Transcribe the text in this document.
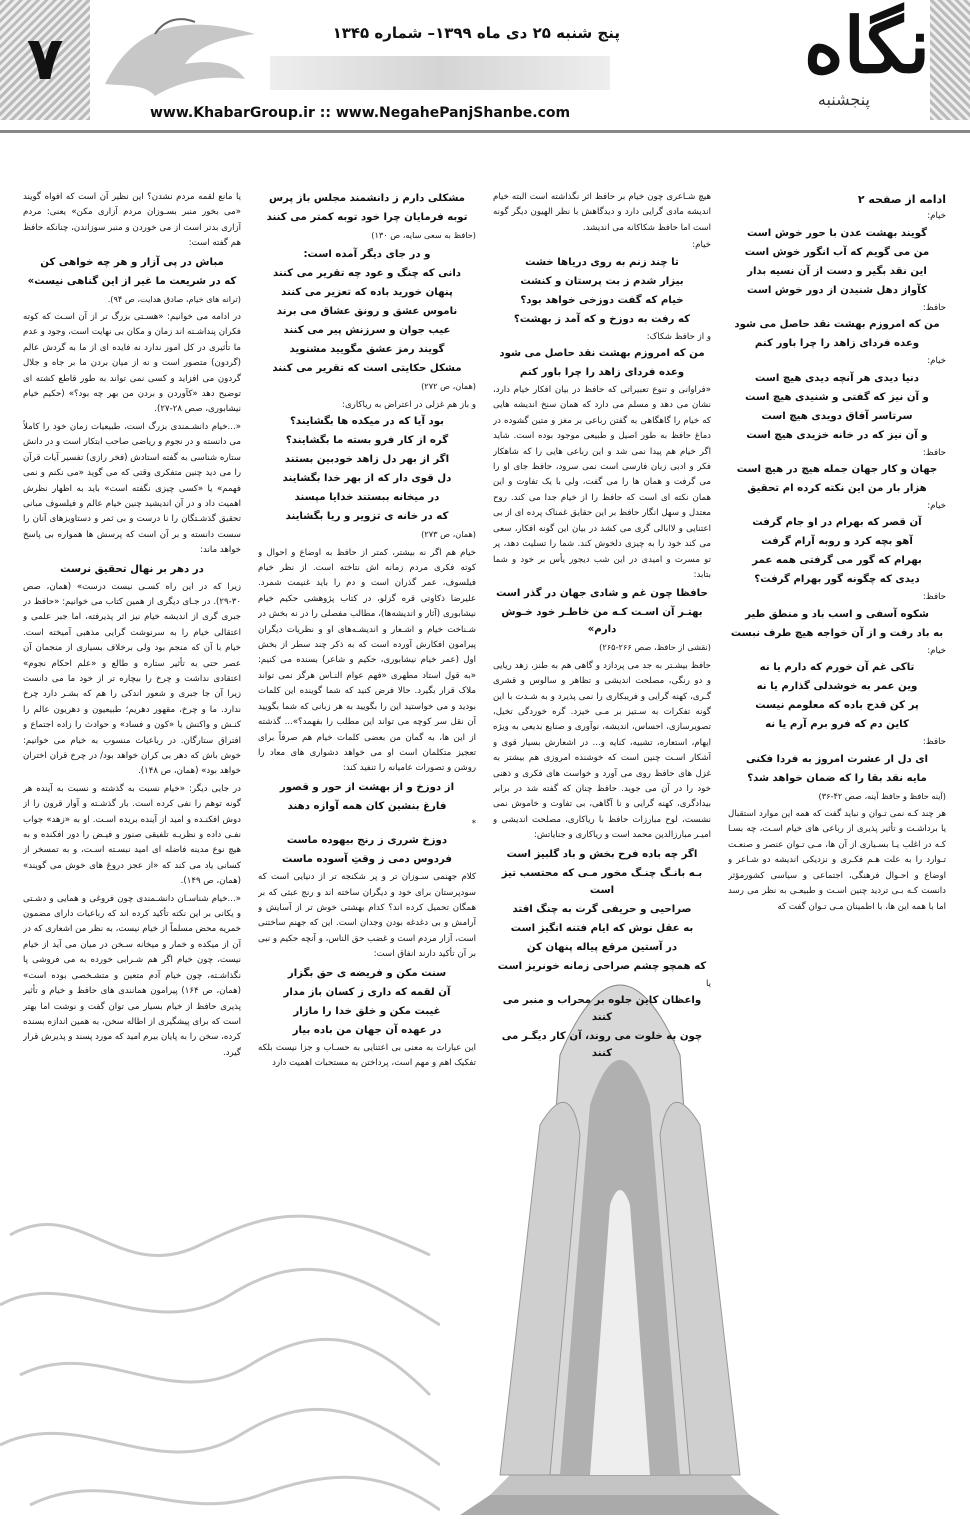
نگاه
پنجشنبه
پنج شنبه ۲۵ دی ماه ۱۳۹۹– شماره ۱۳۴۵
۷
www.KhabarGroup.ir :: www.NegahePanjShanbe.com
ادامه از صفحه ۲

خیام:

گویند بهشت عدن با حور خوش است

من می گویم که آب انگور خوش است

این نقد بگیر و دست از آن نسیه بدار

کآواز دهل شنیدن از دور خوش است

حافظ:

من که امروزم بهشت نقد حاصل می شود

وعده فردای زاهد را چرا باور کنم

خیام:

دنیا دیدی هر آنچه دیدی هیچ است

و آن نیز که گفتی و شنیدی هیچ است

سرتاسر آفاق دویدی هیچ است

و آن نیز که در خانه خزیدی هیچ است

حافظ:

جهان و کار جهان جمله هیچ در هیچ است

هزار بار من این نکته کرده ام تحقیق

خیام:

آن قصر که بهرام در او جام گرفت

آهو بچه کرد و روبه آرام گرفت

بهرام که گور می گرفتی همه عمر

دیدی که چگونه گور بهرام گرفت؟

حافظ:

شکوه آسفی و اسب باد و منطق طیر

به باد رفت و از آن خواجه هیچ طرف نبست

خیام:

تاکی غم آن خورم که دارم یا نه

وین عمر به خوشدلی گذارم یا نه

پر کن قدح باده که معلومم نیست

کاین دم که فرو برم آرم یا نه

حافظ:

ای دل ار عشرت امروز به فردا فکنی

مایه نقد بقا را که ضمان خواهد شد؟

(آینه حافظ و حافظ آینه، صص ۴۲-۳۶)

هر چند کـه نمی تـوان و نباید گفت که همه این موارد استقبال یا برداشـت و تأثیر پذیری از رباعی های خیام اسـت، چه بسـا کـه در اغلب یـا بسـیاری از آن ها، مـی تـوان عنصر و صنعـت تـوارد را به علت هـم فکـری و نزدیکی اندیشه دو شـاعر و اوضاع و احـوال فرهنگی، اجتماعی و سیاسی کشورمؤثر دانست کـه بـی تردید چنین اسـت و طبیعـی به نظر می رسد اما با همه این ها، با اطمینان مـی تـوان گفت که

هیچ شـاعری چون خیام بر حافظ اثر نگذاشته است البته خیام اندیشه مادی گرایی دارد و دیدگاهش با نظر الهیون دیگر گونه است اما حافظ شکاکانه می اندیشد.

خیام:

تا چند زنم به روی دریاها خشت

بیزار شدم ز بت پرستان و کنشت

خیام که گفت دوزخی خواهد بود؟

که رفت به دوزخ و که آمد ز بهشت؟

و از حافظ شکاک:

من که امروزم بهشت نقد حاصل می شود

وعده فردای زاهد را چرا باور کنم

«فراوانی و تنوع تعبیراتی که حافظ در بیان افکار خیام دارد، نشان می دهد و مسلم می دارد که همان سنخ اندیشه هایی که خیام را گاهگاهی به گفتن رباعی بر مغز و متین گشوده در دماغ حافظ به طور اصیل و طبیعی موجود بوده است. شاید اگر خیام هم پیدا نمی شد و این رباعی هایی را که شاهکار فکر و ادبی زبان فارسی است نمی سرود، حافظ جای او را می گرفت و همان ها را می گفت، ولی با یک تفاوت و این همان نکته ای است که حافظ را از خیام جدا می کند. روح معتدل و سهل انگار حافظ بر این حقایق غمناک پرده ای از بی اعتنایی و لاابالی گری می کشد در بیان این گونه افکار، سعی می کند خود را به چیزی دلخوش کند. شما را تسلیت دهد، پر تو مسرت و امیدی در این شب دیجور یأس بر خود و شما بتابد:

حافظا چون غم و شادی جهان در گذر است

بهتـر آن اسـت کـه من خاطـر خود خـوش دارم»

(نقشی از حافظ، صص ۲۶۶-۲۶۵)

حافظ بیشـتر به جد می پردازد و گاهی هم به طنز، زهد ریایی و دو رنگی، مصلحت اندیشی و تظاهر و سالوس و قشری گـری، کهنه گرایی و فریبکاری را نمی پذیرد و به شـدت با این گونه تفکرات به سـتیز بر مـی خیزد. گره خوردگی تخیل، تصویرسازی، احساس، اندیشه، نوآوری و صنایع بدیعی به ویژه ایهام، استعاره، تشبیه، کنایه و... در اشعارش بسیار قوی و آشکار اسـت چنین است که خوشنده امروزی هم بیشتر به غزل های حافظ روی می آورد و خواست های فکری و ذهنی خود را در آن می جوید. حافظ چنان که گفته شد در برابر بیدادگری، کهنه گرایی و نا آگاهی، بی تفاوت و خاموش نمی نشست، لوح مبارزات حافظ با ریاکاری، مصلحت اندیشی و امیـر مبارزالدین محمد است و ریاکاری و جنایاتش:

اگر چه باده فرح بخش و باد گلبیز است

بـه بانـگ چنـگ مخور مـی که محتسب تیز است

صراحیی و حریفی گرت به چنگ افتد

به عقل نوش که ایام فتنه انگیز است

در آستین مرقع پیاله پنهان کن

که همچو چشم صراحی زمانه خونریز است

یا

واعظان کاین جلوه بر محراب و منبر می کنند

چون به خلوت می روند، آن کار دیگـر می کنند

مشکلی دارم ز دانشمند مجلس باز پرس

توبه فرمایان چرا خود توبه کمتر می کنند

(حافظ به سعی سایه، ص ۱۳۰)

و در جای دیگر آمده است:

دانی که چنگ و عود چه تقریر می کنند

پنهان خورید باده که تعزیر می کنند

ناموس عشق و رونق عشاق می برند

عیب جوان و سرزنش پیر می کنند

گویند رمز عشق مگویید مشنوید

مشکل حکایتی است که تقریر می کنند

(همان، ص ۲۷۲)

و باز هم غزلی در اعتراض به ریاکاری:

بود آیا که در میکده ها بگشایند؟

گره از کار فرو بسته ما بگشایند؟

اگر از بهر دل زاهد خودبین بستند

دل قوی دار که از بهر خدا بگشایند

در میخانه ببستند خدایا مپسند

که در خانه ی تزویر و ریا بگشایند

(همان، ص ۲۷۳)

خیام هم اگر نه بیشتر، کمتر از حافظ به اوضاع و احوال و کوته فکری مردم زمانه اش نتاخته است. از نظر خیام فیلسوف، عمر گذران است و دم را باید غنیمت شمرد. علیرضا ذکاوتی قره گزلو، در کتاب پژوهشی حکیم خیام نیشابوری (آثار و اندیشه‌ها)، مطالب مفصلی را در نه بخش در شـناخت خیام و اشـعار و اندیشـه‌های او و نظریات دیگران پیرامون افکارش آورده است که به ذکر چند سطر از بخش اول (عمر خیام نیشابوری، حکیم و شاعر) بسنده می کنیم: «به قول استاد مطهری «فهم عوام النـاس هرگز نمی تواند ملاک قرار بگیرد. حالا فرض کنید که شما گوینده این کلمات بودید و می خواستید این را بگویید به هر زبانی که شما بگویید آن نقل سر کوچه می تواند این مطلب را بفهمد؟»... گذشته از این ها، به گمان من بعضی کلمات خیام هم صرفاً برای تعجیز متکلمان است او می خواهد دشواری های معاد را روشن و تصورات عامیانه را تنفید کند:

از دوزخ و از بهشت از حور و قصور

فارغ بنشین کان همه آوازه دهند

*

دوزخ شرری ز رنج بیهوده ماست

فردوس دمی ز وقتِ آسوده ماست

کلام جهنمی سـوزان تر و پر شکنجه تر از دنیایی است که سودپرستان برای خود و دیگران ساخته اند و رنج عبثی که بر همگان تحمیل کرده اند؟ کدام بهشتی خوش تر از آسایش و آرامش و بی دغدغه بودن وجدان است. این که جهنم ساختنی است، آزار مردم است و غضب حق الناس، و آنچه حکیم و نبی بر آن تأکید دارند انفاق است:

سنت مکن و فریضه ی حق بگزار

آن لقمه که داری ز کسان باز مدار

غیبت مکن و خلق خدا را مازار

در عهده آن جهان من باده بیار

این عبارات به معنی بی اعتنایی به حسـاب و جزا نیست بلکه تفکیک اهم و مهم است، پرداختن به مستحبات اهمیت دارد

یا مانع لقمه مردم نشدن؟ این نظیر آن است که افواه گویند «می بخور منبر بسـوزان مردم آزاری مکن» یعنی: مردم آزاری بدتر است از می خوردن و منبر سوزاندن، چنانکه حافظ هم گفته است:

مباش در پی آزار و هر چه خواهی کن

که در شریعت ما غیر از این گناهی نیست»

(ترانه های خیام، صادق هدایت، ص ۹۴).

در ادامه می خوانیم: «هسـتی بزرگ تر از آن اسـت که کوته فکران پنداشـته اند زمان و مکان بی نهایت است، وجود و عدم ما تأثیری در کل امور ندارد نه فایده ای از ما به گردش عالم (گردون) متصور است و نه از میان بردن ما بر جاه و جلال گردون می افزاید و کسی نمی تواند به طور قاطع کشته ای توضیح دهد «کآوردن و بردن من بهر چه بود؟» (حکیم خیام نیشابوری، صص ۲۸-۲۷).

«...خیام دانشـمندی بزرگ است، طبیعیات زمان خود را کاملاً می دانسته و در نجوم و ریاضی صاحب ابتکار است و در دانش ستاره شناسی به گفته استادش (فخر رازی) تفسیر آیات قرآن را می دید چنین متفکری وقتی که می گوید «می نکنم و نمی فهمم» یا «کسی چیزی نگفته است» باید به اظهار نظرش اهمیت داد و در آن اندیشید چنین خیام عالم و فیلسوف مبانی تحقیق گذشـتگان را نا درست و بی ثمر و دستاویزهای آنان را سست دانسته و بر آن است که پرسش ها همواره بی پاسخ خواهد ماند:

در دهر بر نهال تحقیق نرست

زیرا که در این راه کسـی نیست درست» (همان، صص ۳۰-۲۹). در جـای دیگری از همین کتاب می خوانیم: «حافظ در جبری گری از اندیشه خیام نیز اثر پذیرفته، اما جبر علمی و اعتقالی خیام را به سرنوشت گرایی مذهبی آمیخته است. خیام با آن که منجم بود ولی برخلاف بسیاری از منجمان آن عصر حتی به تأثیر ستاره و طالع و «علم احکام نجوم» اعتقادی نداشت و چرخ را بیچاره تر از خود ما می دانست زیرا آن جا جبری و شعور اندکی را هم که بشـر دارد چرخ ندارد. ما و چرخ، مقهور دهریم؛ طبیعیون و دهریون عالم را کنـش و واکنش یا «کون و فساد» و حوادث را زاده اجتماع و افتراق ستارگان. در رباعیات منسوب به خیام می خوانیم: خوش باش که دهر بی کران خواهد بود/ در چرخ قران اختران خواهد بود» (همان، ص ۱۴۸).

در جایی دیگر: «خیام نسبت به گذشته و نسبت به آینده هر گونه توهم را نفی کرده است. بار گذشـته و آوار قرون را از دوش افکنـده و امید از آینده بریده اسـت. او به «زهد» جواب نفـی داده و نظریـه تلفیقی صنور و فیـض را دور افکنده و به هیچ نوع مدینه فاضله ای امید نبسـته اسـت، و به تمسخر از کسانی یاد می کند که «از عجز دروغ های خوش می گویند» (همان، ص ۱۴۹).

«...خیام شناسـان دانشـمندی چون فروغی و همایی و دشـتی و یکانی بر این نکته تأکید کرده اند که رباعیات دارای مضمون خمریه محض مسلماً از خیام نیست، به نظر من اشعاری که در آن از میکده و خمار و میخانه سـخن در میان می آید از خیام نیست، چون خیام اگر هم شـرابی خورده به می فروشی پا نگذاشـته، چون خیام آدم متعین و متشـخصی بوده است» (همان، ص ۱۶۴) پیرامون همانندی های حافظ و خیام و تأثیر پذیری حافظ از خیام بسیار می توان گفت و نوشت اما بهتر است که برای پیشگیری از اطاله سخن، به همین اندازه بسنده کرده، سخن را به پایان بیرم امید که مورد پسند و پذیرش قرار گیرد.
